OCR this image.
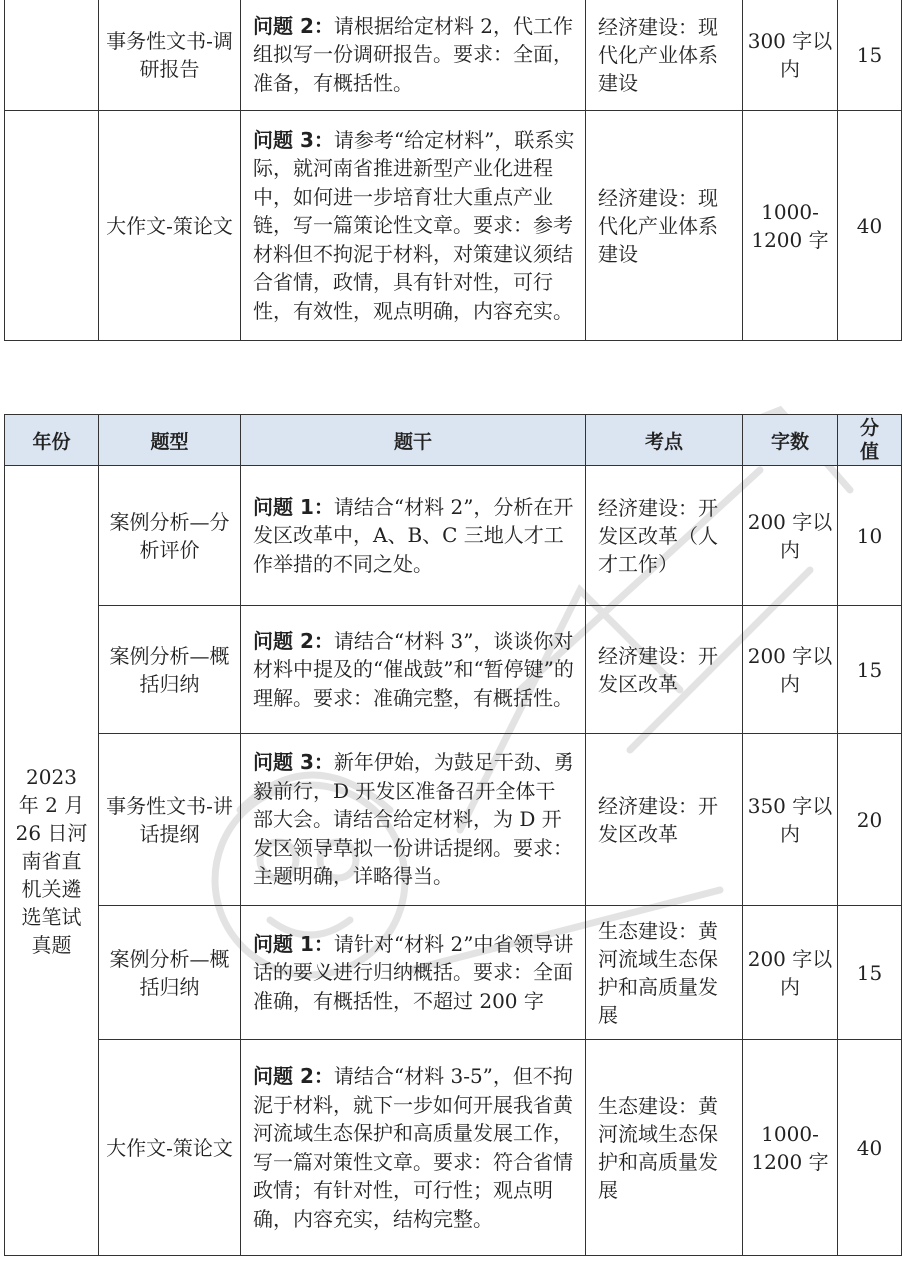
	事务性文书-调研报告	问题 2：请根据给定材料 2，代工作组拟写一份调研报告。要求：全面，准备，有概括性。	经济建设：现代化产业体系建设	300 字以内	15
	大作文-策论文	问题 3：请参考“给定材料”，联系实际，就河南省推进新型产业化进程中，如何进一步培育壮大重点产业链，写一篇策论性文章。要求：参考材料但不拘泥于材料，对策建议须结合省情，政情，具有针对性，可行性，有效性，观点明确，内容充实。	经济建设：现代化产业体系建设	1000-1200 字	40
年份	题型	题干	考点	字数	分值
2023 年 2 月 26 日河南省直机关遴选笔试真题	案例分析—分析评价	问题 1：请结合“材料 2”，分析在开发区改革中，A、B、C 三地人才工作举措的不同之处。	经济建设：开发区改革（人才工作）	200 字以内	10
	案例分析—概括归纳	问题 2：请结合“材料 3”，谈谈你对材料中提及的“催战鼓”和“暂停键”的理解。要求：准确完整，有概括性。	经济建设：开发区改革	200 字以内	15
	事务性文书-讲话提纲	问题 3：新年伊始，为鼓足干劲、勇毅前行，D 开发区准备召开全体干部大会。请结合给定材料，为 D 开发区领导草拟一份讲话提纲。要求：主题明确，详略得当。	经济建设：开发区改革	350 字以内	20
	案例分析—概括归纳	问题 1：请针对“材料 2”中省领导讲话的要义进行归纳概括。要求：全面准确，有概括性，不超过 200 字	生态建设：黄河流域生态保护和高质量发展	200 字以内	15
	大作文-策论文	问题 2：请结合“材料 3-5”，但不拘泥于材料，就下一步如何开展我省黄河流域生态保护和高质量发展工作，写一篇对策性文章。要求：符合省情政情；有针对性，可行性；观点明确，内容充实，结构完整。	生态建设：黄河流域生态保护和高质量发展	1000-1200 字	40
